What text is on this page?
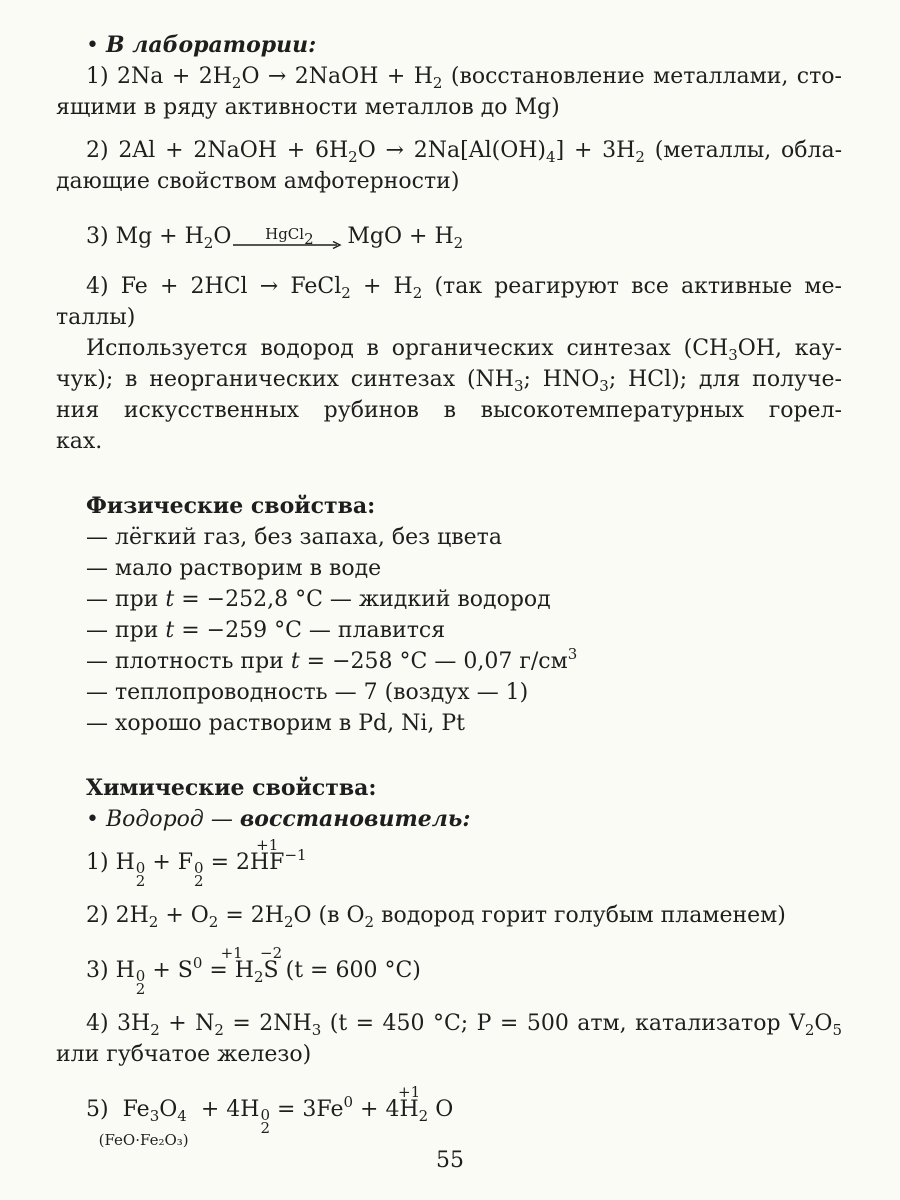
• В лаборатории:
1) $2Na + 2H_2O$ → 2NaOH + $H_2$ (восстановление металлами, сто-
ящими в ряду активности металлов до Mg)
2) 2Al + 2NaOH + $6H_2O \to 2Na[Al(OH)_4] + 3H_2$ (металлы, обла-
дающие свойством амфотерности)
3) $Mg + H_2O$	HgCl2	MgO + $H_2$
4) Fe + 2HCl → FeCl$_2$ + $H_2$ (так реагируют все активные ме-
таллы)
Используется водород в органических синтезах ($CH_3OH$, кау-
чук); в неорганических синтезах ($NH_3$; $HNO_3$; HCl); для получе-
ния искусственных рубинов в высокотемпературных горел-
ках.
Физические свойства:
— лёгкий газ, без запаха, без цвета
— мало растворим в воде
— при t = −252,8 °C — жидкий водород
— при t = −259 °C — плавится
— плотность при t = −258 °C — 0,07 $г/см^3$
— теплопроводность — 7 (воздух — 1)
— хорошо растворим в Pd, Ni, Pt
Химические свойства:
• Водород — восстановитель:
1) H 0
2
+ F 0
2
= 2
+1
$HF^{-1}$
2) $2H_2 + O_2 = 2H_2O$ (в $O_2$ водород горит голубым пламенем)
3) H 0
2
+ $S^0$
+1
= $H_2$
−2
S (t = 600 °C)
4) $3H_2 + N_2 = 2NH_3$ (t = 450 °C; P = 500 атм, катализатор $V_2O_5$
или губчатое железо)
5) $Fe_3O_4$
(FeO·Fe₂O₃)
+ 4H 0
2
= $3Fe^0 + 4$
+1
$H_2$ O
55
